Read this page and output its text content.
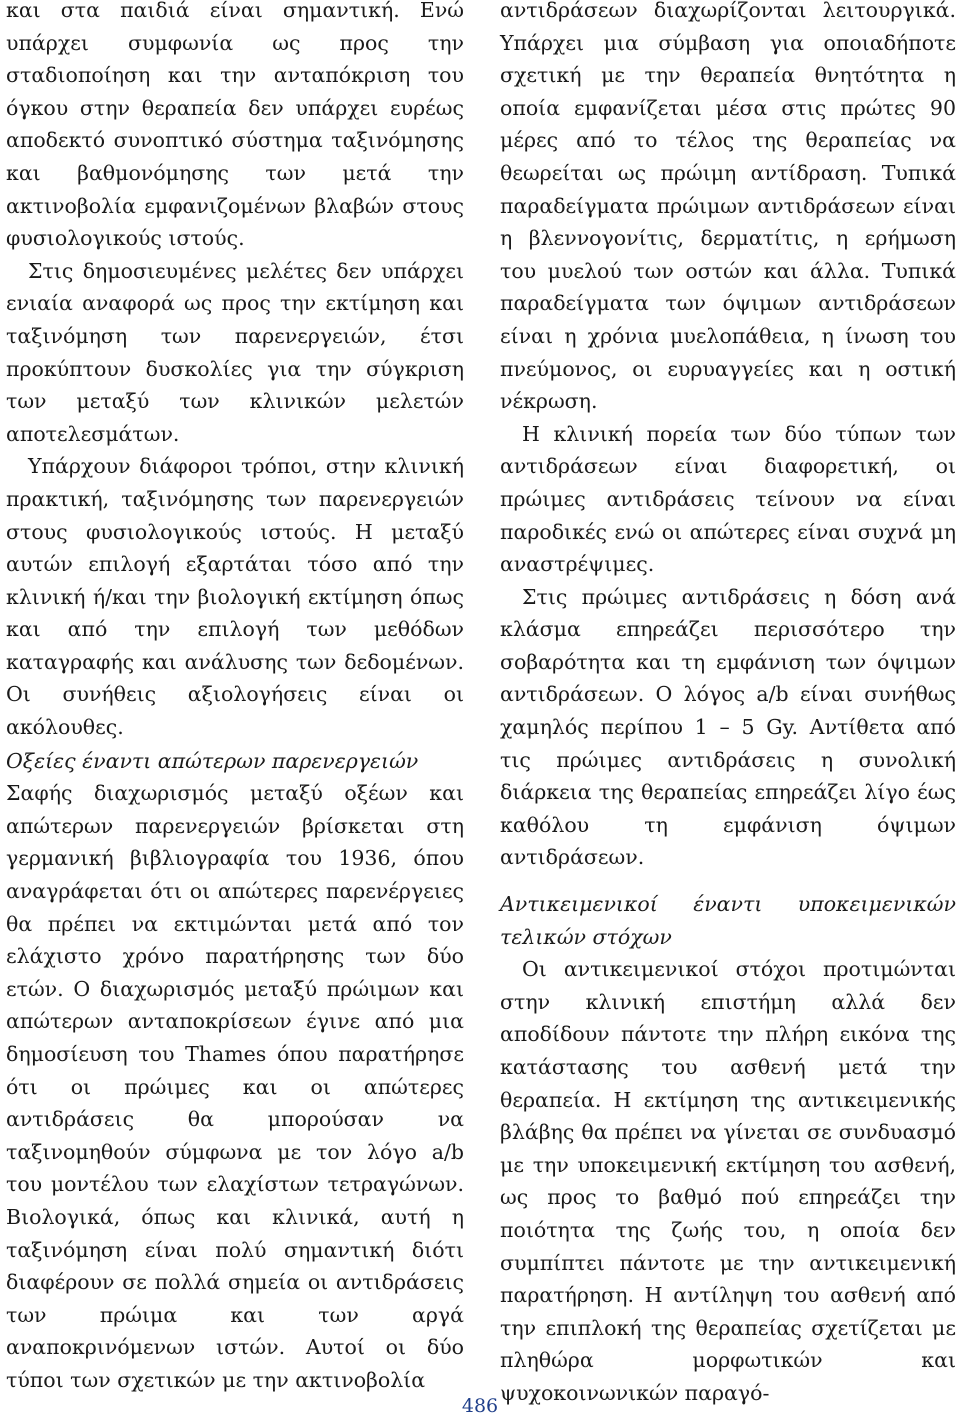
και στα παιδιά είναι σημαντική. Ενώ υπάρχει συμφωνία ως προς την σταδιοποίηση και την ανταπόκριση του όγκου στην θεραπεία δεν υπάρχει ευρέως αποδεκτό συνοπτικό σύστημα ταξινόμησης και βαθμονόμησης των μετά την ακτινοβολία εμφανιζομένων βλαβών στους φυσιολογικούς ιστούς.

Στις δημοσιευμένες μελέτες δεν υπάρχει ενιαία αναφορά ως προς την εκτίμηση και ταξινόμηση των παρενεργειών, έτσι προκύπτουν δυσκολίες για την σύγκριση των μεταξύ των κλινικών μελετών αποτελεσμάτων.

Υπάρχουν διάφοροι τρόποι, στην κλινική πρακτική, ταξινόμησης των παρενεργειών στους φυσιολογικούς ιστούς. Η μεταξύ αυτών επιλογή εξαρτάται τόσο από την κλινική ή/και την βιολογική εκτίμηση όπως και από την επιλογή των μεθόδων καταγραφής και ανάλυσης των δεδομένων. Οι συνήθεις αξιολογήσεις είναι οι ακόλουθες.

Οξείες έναντι απώτερων παρενεργειών

Σαφής διαχωρισμός μεταξύ οξέων και απώτερων παρενεργειών βρίσκεται στη γερμανική βιβλιογραφία του 1936, όπου αναγράφεται ότι οι απώτερες παρενέργειες θα πρέπει να εκτιμώνται μετά από τον ελάχιστο χρόνο παρατήρησης των δύο ετών. Ο διαχωρισμός μεταξύ πρώιμων και απώτερων ανταποκρίσεων έγινε από μια δημοσίευση του Thames όπου παρατήρησε ότι οι πρώιμες και οι απώτερες αντιδράσεις θα μπορούσαν να ταξινομηθούν σύμφωνα με τον λόγο a/b του μοντέλου των ελαχίστων τετραγώνων. Βιολογικά, όπως και κλινικά, αυτή η ταξινόμηση είναι πολύ σημαντική διότι διαφέρουν σε πολλά σημεία οι αντιδράσεις των πρώιμα και των αργά αναποκρινόμενων ιστών. Αυτοί οι δύο τύποι των σχετικών με την ακτινοβολία

αντιδράσεων διαχωρίζονται λειτουργικά. Υπάρχει μια σύμβαση για οποιαδήποτε σχετική με την θεραπεία θνητότητα η οποία εμφανίζεται μέσα στις πρώτες 90 μέρες από το τέλος της θεραπείας να θεωρείται ως πρώιμη αντίδραση. Τυπικά παραδείγματα πρώιμων αντιδράσεων είναι η βλεννογονίτις, δερματίτις, η ερήμωση του μυελού των οστών και άλλα. Τυπικά παραδείγματα των όψιμων αντιδράσεων είναι η χρόνια μυελοπάθεια, η ίνωση του πνεύμονος, οι ευρυαγγείες και η οστική νέκρωση.

Η κλινική πορεία των δύο τύπων των αντιδράσεων είναι διαφορετική, οι πρώιμες αντιδράσεις τείνουν να είναι παροδικές ενώ οι απώτερες είναι συχνά μη αναστρέψιμες.

Στις πρώιμες αντιδράσεις η δόση ανά κλάσμα επηρεάζει περισσότερο την σοβαρότητα και τη εμφάνιση των όψιμων αντιδράσεων. Ο λόγος a/b είναι συνήθως χαμηλός περίπου 1 – 5 Gy. Αντίθετα από τις πρώιμες αντιδράσεις η συνολική διάρκεια της θεραπείας επηρεάζει λίγο έως καθόλου τη εμφάνιση όψιμων αντιδράσεων.

Αντικειμενικοί έναντι υποκειμενικών τελικών στόχων

Οι αντικειμενικοί στόχοι προτιμώνται στην κλινική επιστήμη αλλά δεν αποδίδουν πάντοτε την πλήρη εικόνα της κατάστασης του ασθενή μετά την θεραπεία. Η εκτίμηση της αντικειμενικής βλάβης θα πρέπει να γίνεται σε συνδυασμό με την υποκειμενική εκτίμηση του ασθενή, ως προς το βαθμό πού επηρεάζει την ποιότητα της ζωής του, η οποία δεν συμπίπτει πάντοτε με την αντικειμενική παρατήρηση. Η αντίληψη του ασθενή από την επιπλοκή της θεραπείας σχετίζεται με πληθώρα μορφωτικών και ψυχοκοινωνικών παραγό-

486
